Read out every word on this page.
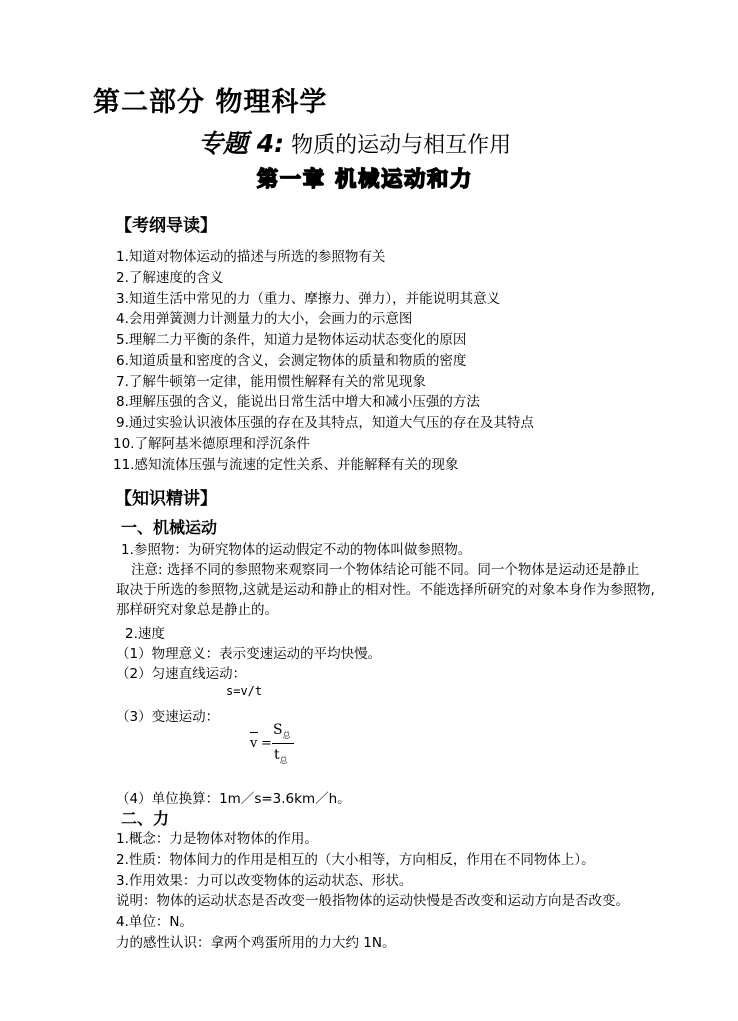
第二部分 物理科学
专题 4: 物质的运动与相互作用
第一章 机械运动和力
【考纲导读】
1.知道对物体运动的描述与所选的参照物有关
2.了解速度的含义
3.知道生活中常见的力（重力、摩擦力、弹力），并能说明其意义
4.会用弹簧测力计测量力的大小，会画力的示意图
5.理解二力平衡的条件，知道力是物体运动状态变化的原因
6.知道质量和密度的含义，会测定物体的质量和物质的密度
7.了解牛顿第一定律，能用惯性解释有关的常见现象
8.理解压强的含义，能说出日常生活中增大和减小压强的方法
9.通过实验认识液体压强的存在及其特点，知道大气压的存在及其特点
10.了解阿基米德原理和浮沉条件
11.感知流体压强与流速的定性关系、并能解释有关的现象
【知识精讲】
一、机械运动
1.参照物：为研究物体的运动假定不动的物体叫做参照物。
注意: 选择不同的参照物来观察同一个物体结论可能不同。同一个物体是运动还是静止
取决于所选的参照物,这就是运动和静止的相对性。不能选择所研究的对象本身作为参照物,
那样研究对象总是静止的。
2.速度
（1）物理意义：表示变速运动的平均快慢。
（2）匀速直线运动：
s=v/t
（3）变速运动：
v =
$S_总$
$t_总$
（4）单位换算：1m／s=3.6km／h。
二、力
1.概念：力是物体对物体的作用。
2.性质：物体间力的作用是相互的（大小相等，方向相反，作用在不同物体上）。
3.作用效果：力可以改变物体的运动状态、形状。
说明：物体的运动状态是否改变一般指物体的运动快慢是否改变和运动方向是否改变。
4.单位：N。
力的感性认识：拿两个鸡蛋所用的力大约 1N。
